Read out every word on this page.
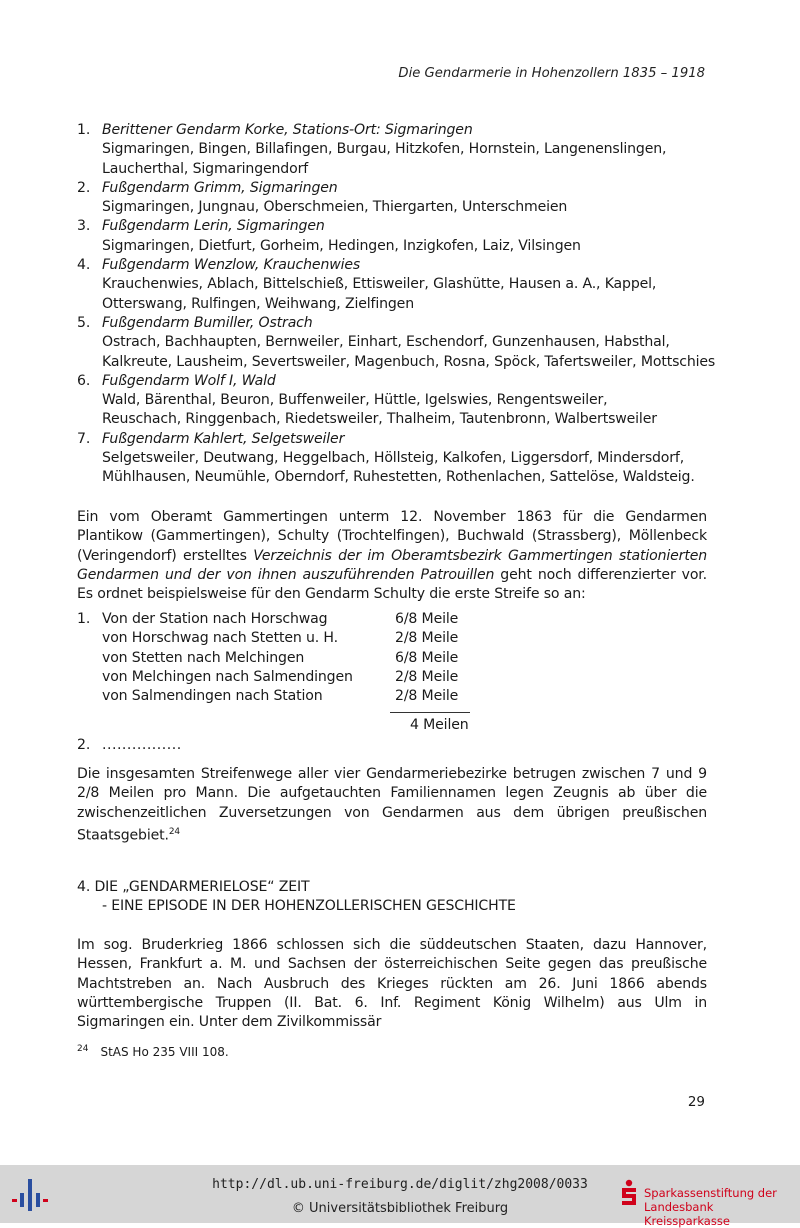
Die Gendarmerie in Hohenzollern 1835 – 1918
1. Berittener Gendarm Korke, Stations-Ort: Sigmaringen
Sigmaringen, Bingen, Billafingen, Burgau, Hitzkofen, Hornstein, Langenenslingen,
Laucherthal, Sigmaringendorf
2. Fußgendarm Grimm, Sigmaringen
Sigmaringen, Jungnau, Oberschmeien, Thiergarten, Unterschmeien
3. Fußgendarm Lerin, Sigmaringen
Sigmaringen, Dietfurt, Gorheim, Hedingen, Inzigkofen, Laiz, Vilsingen
4. Fußgendarm Wenzlow, Krauchenwies
Krauchenwies, Ablach, Bittelschieß, Ettisweiler, Glashütte, Hausen a. A., Kappel,
Otterswang, Rulfingen, Weihwang, Zielfingen
5. Fußgendarm Bumiller, Ostrach
Ostrach, Bachhaupten, Bernweiler, Einhart, Eschendorf, Gunzenhausen, Habsthal,
Kalkreute, Lausheim, Severtsweiler, Magenbuch, Rosna, Spöck, Tafertsweiler, Mottschies
6. Fußgendarm Wolf I, Wald
Wald, Bärenthal, Beuron, Buffenweiler, Hüttle, Igelswies, Rengentsweiler,
Reuschach, Ringgenbach, Riedetsweiler, Thalheim, Tautenbronn, Walbertsweiler
7. Fußgendarm Kahlert, Selgetsweiler
Selgetsweiler, Deutwang, Heggelbach, Höllsteig, Kalkofen, Liggersdorf, Mindersdorf,
Mühlhausen, Neumühle, Oberndorf, Ruhestetten, Rothenlachen, Sattelöse, Waldsteig.
Ein vom Oberamt Gammertingen unterm 12. November 1863 für die Gendarmen Plantikow (Gammertingen), Schulty (Trochtelfingen), Buchwald (Strassberg), Möllenbeck (Veringendorf) erstelltes Verzeichnis der im Oberamtsbezirk Gammertingen stationierten Gendarmen und der von ihnen auszuführenden Patrouillen geht noch differenzierter vor. Es ordnet beispielsweise für den Gendarm Schulty die erste Streife so an:
1. Von der Station nach Horschwag	6/8 Meile
von Horschwag nach Stetten u. H.	2/8 Meile
von Stetten nach Melchingen	6/8 Meile
von Melchingen nach Salmendingen	2/8 Meile
von Salmendingen nach Station	2/8 Meile
4 Meilen
2. ................
Die insgesamten Streifenwege aller vier Gendarmeriebezirke betrugen zwischen 7 und 9 2/8 Meilen pro Mann. Die aufgetauchten Familiennamen legen Zeugnis ab über die zwischenzeitlichen Zuversetzungen von Gendarmen aus dem übrigen preußischen Staatsgebiet.$^{24}$
4. DIE „GENDARMERIELOSE“ ZEIT
- EINE EPISODE IN DER HOHENZOLLERISCHEN GESCHICHTE
Im sog. Bruderkrieg 1866 schlossen sich die süddeutschen Staaten, dazu Hannover, Hessen, Frankfurt a. M. und Sachsen der österreichischen Seite gegen das preußische Machtstreben an. Nach Ausbruch des Krieges rückten am 26. Juni 1866 abends württembergische Truppen (II. Bat. 6. Inf. Regiment König Wilhelm) aus Ulm in Sigmaringen ein. Unter dem Zivilkommissär
$^{24}$ StAS Ho 235 VIII 108.
29
http://dl.ub.uni-freiburg.de/diglit/zhg2008/0033
© Universitätsbibliothek Freiburg
Sparkassenstiftung der
Landesbank Kreissparkasse
